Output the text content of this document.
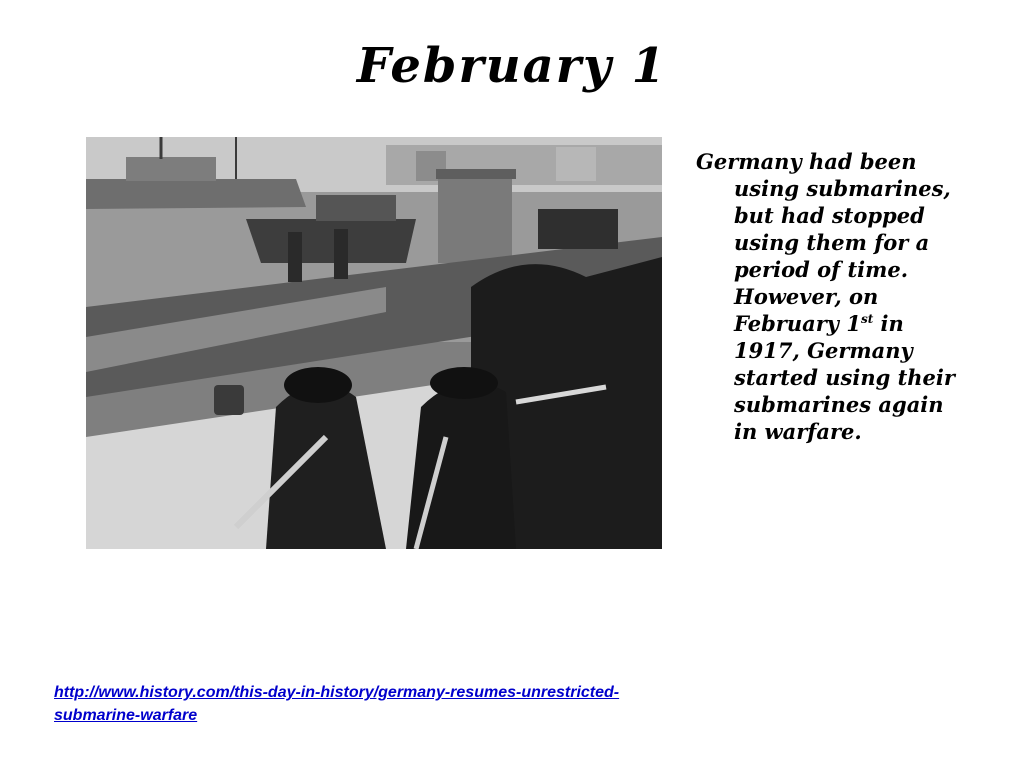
February 1

Germany had been using submarines, but had stopped using them for a period of time. However, on February 1st in 1917, Germany started using their submarines again in warfare.

http://www.history.com/this-day-in-history/germany-resumes-unrestricted-submarine-warfare
